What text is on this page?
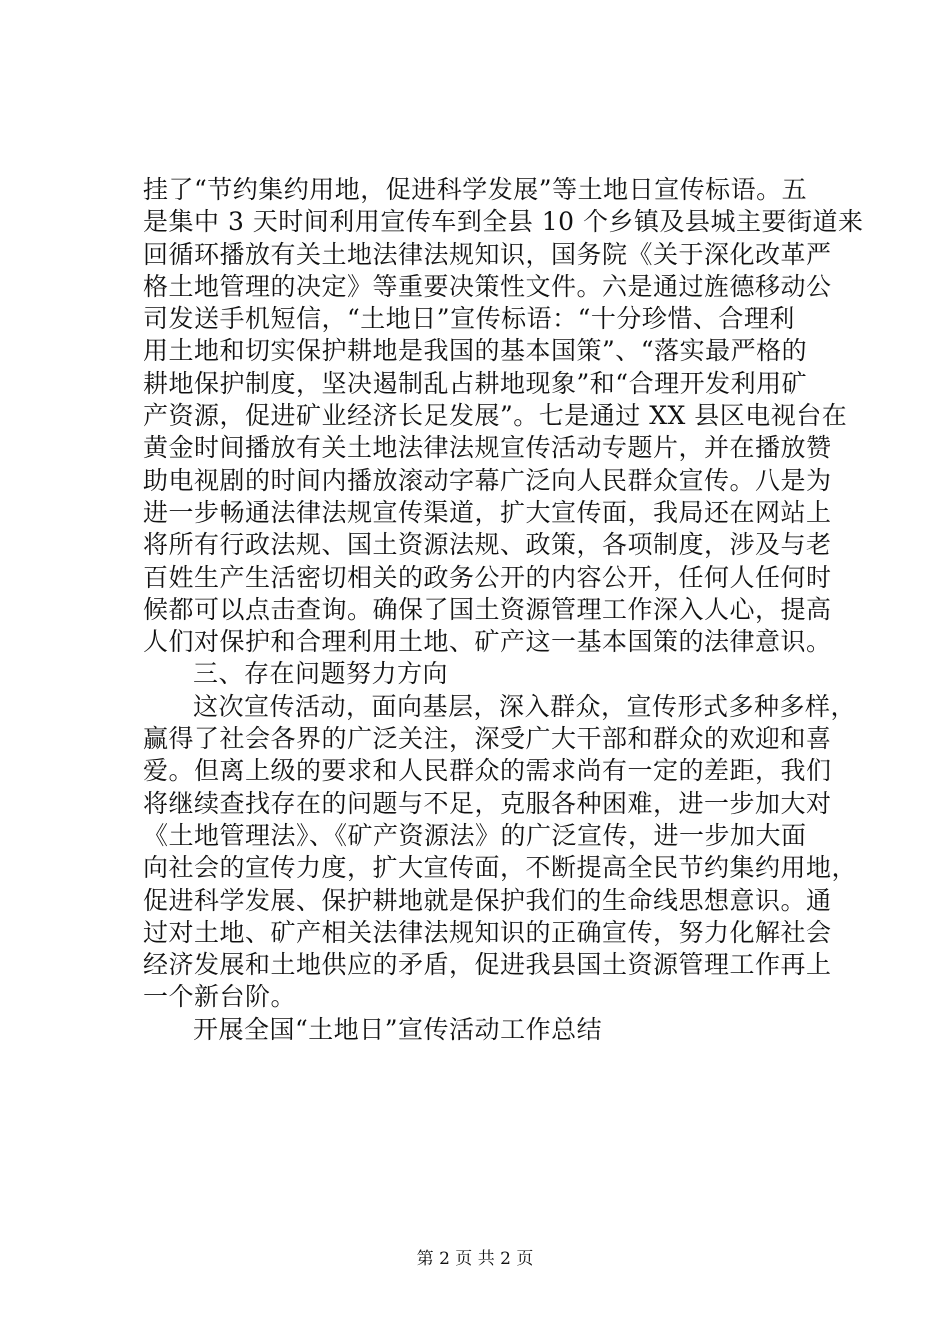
挂了“节约集约用地，促进科学发展”等土地日宣传标语。五
是集中 3 天时间利用宣传车到全县 10 个乡镇及县城主要街道来
回循环播放有关土地法律法规知识，国务院《关于深化改革严
格土地管理的决定》等重要决策性文件。六是通过旌德移动公
司发送手机短信，“土地日”宣传标语：“十分珍惜、合理利
用土地和切实保护耕地是我国的基本国策”、“落实最严格的
耕地保护制度，坚决遏制乱占耕地现象”和“合理开发利用矿
产资源，促进矿业经济长足发展”。七是通过 XX 县区电视台在
黄金时间播放有关土地法律法规宣传活动专题片，并在播放赞
助电视剧的时间内播放滚动字幕广泛向人民群众宣传。八是为
进一步畅通法律法规宣传渠道，扩大宣传面，我局还在网站上
将所有行政法规、国土资源法规、政策，各项制度，涉及与老
百姓生产生活密切相关的政务公开的内容公开，任何人任何时
候都可以点击查询。确保了国土资源管理工作深入人心，提高
人们对保护和合理利用土地、矿产这一基本国策的法律意识。
三、存在问题努力方向
这次宣传活动，面向基层，深入群众，宣传形式多种多样，
赢得了社会各界的广泛关注，深受广大干部和群众的欢迎和喜
爱。但离上级的要求和人民群众的需求尚有一定的差距，我们
将继续查找存在的问题与不足，克服各种困难，进一步加大对
《土地管理法》、《矿产资源法》的广泛宣传，进一步加大面
向社会的宣传力度，扩大宣传面，不断提高全民节约集约用地，
促进科学发展、保护耕地就是保护我们的生命线思想意识。通
过对土地、矿产相关法律法规知识的正确宣传，努力化解社会
经济发展和土地供应的矛盾，促进我县国土资源管理工作再上
一个新台阶。
开展全国“土地日”宣传活动工作总结
第 2 页 共 2 页
